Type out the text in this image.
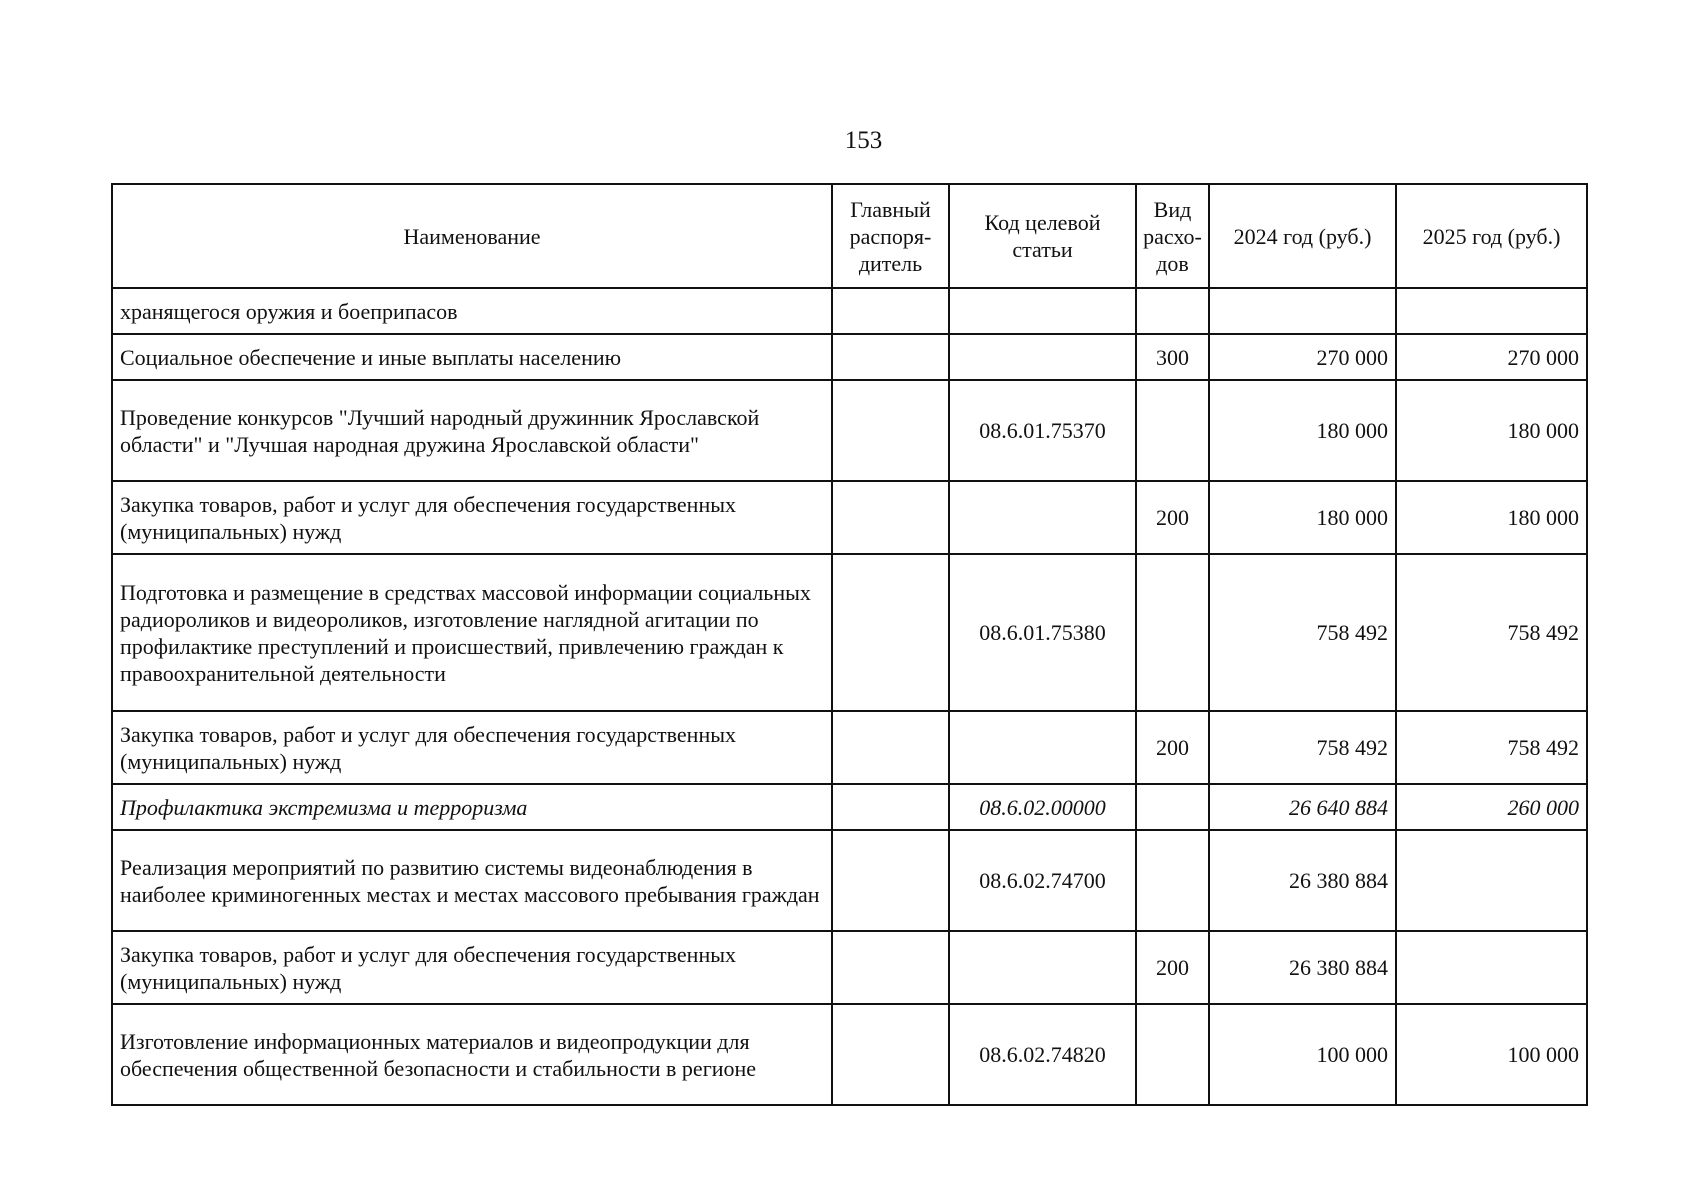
153
Наименование	Главный распоря-дитель	Код целевой статьи	Вид расхо-дов	2024 год (руб.)	2025 год (руб.)
хранящегося оружия и боеприпасов					
Социальное обеспечение и иные выплаты населению			300	270 000	270 000
Проведение конкурсов "Лучший народный дружинник Ярославской области" и "Лучшая народная дружина Ярославской области"		08.6.01.75370		180 000	180 000
Закупка товаров, работ и услуг для обеспечения государственных (муниципальных) нужд			200	180 000	180 000
Подготовка и размещение в средствах массовой информации социальных радиороликов и видеороликов, изготовление наглядной агитации по профилактике преступлений и происшествий, привлечению граждан к правоохранительной деятельности		08.6.01.75380		758 492	758 492
Закупка товаров, работ и услуг для обеспечения государственных (муниципальных) нужд			200	758 492	758 492
Профилактика экстремизма и терроризма		08.6.02.00000		26 640 884	260 000
Реализация мероприятий по развитию системы видеонаблюдения в наиболее криминогенных местах и местах массового пребывания граждан		08.6.02.74700		26 380 884	
Закупка товаров, работ и услуг для обеспечения государственных (муниципальных) нужд			200	26 380 884	
Изготовление информационных материалов и видеопродукции для обеспечения общественной безопасности и стабильности в регионе		08.6.02.74820		100 000	100 000
